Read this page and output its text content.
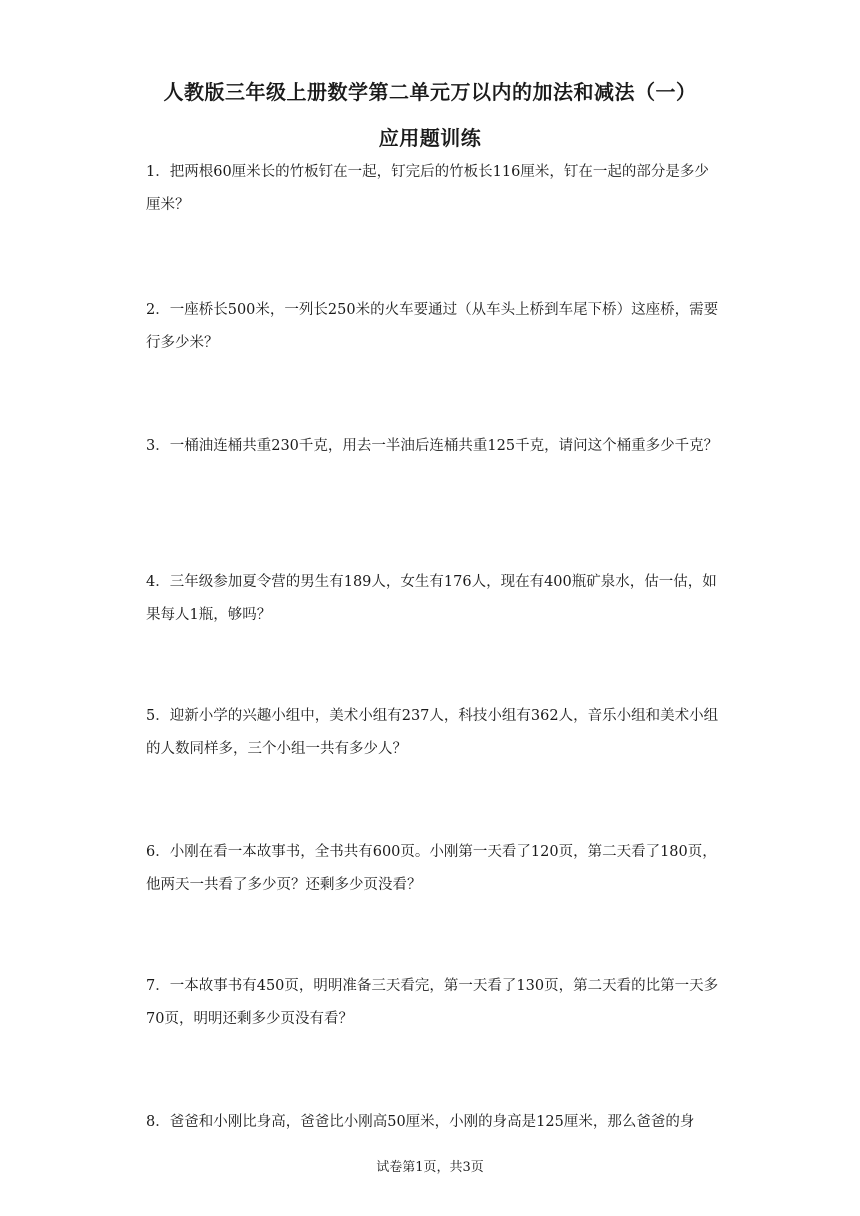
人教版三年级上册数学第二单元万以内的加法和减法（一）
应用题训练

1．把两根60厘米长的竹板钉在一起，钉完后的竹板长116厘米，钉在一起的部分是多少厘米？

2．一座桥长500米，一列长250米的火车要通过（从车头上桥到车尾下桥）这座桥，需要行多少米？

3．一桶油连桶共重230千克，用去一半油后连桶共重125千克，请问这个桶重多少千克？

4．三年级参加夏令营的男生有189人，女生有176人，现在有400瓶矿泉水，估一估，如果每人1瓶，够吗？

5．迎新小学的兴趣小组中，美术小组有237人，科技小组有362人，音乐小组和美术小组的人数同样多，三个小组一共有多少人？

6．小刚在看一本故事书，全书共有600页。小刚第一天看了120页，第二天看了180页，他两天一共看了多少页？还剩多少页没看？

7．一本故事书有450页，明明准备三天看完，第一天看了130页，第二天看的比第一天多70页，明明还剩多少页没有看？

8．爸爸和小刚比身高，爸爸比小刚高50厘米，小刚的身高是125厘米，那么爸爸的身

试卷第1页，共3页
